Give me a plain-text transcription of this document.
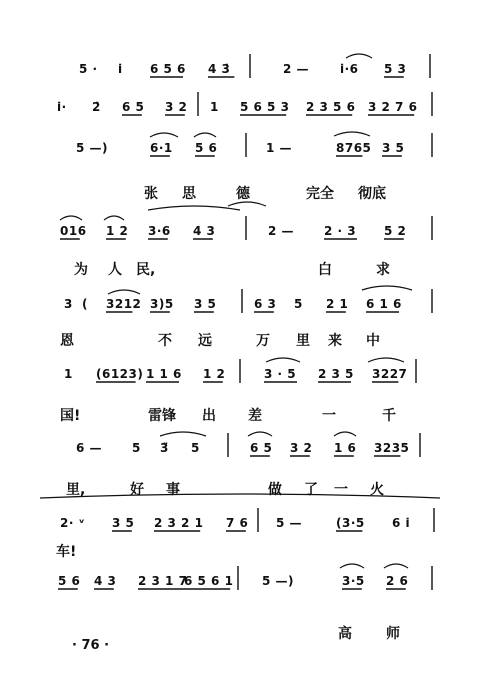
5 · i̇ 6 5 6 4 3̇	2 —	i̇·6 5 3
i̇· 2̇ 6 5 3 2 1 5 6 5 3 2 3 5 6 3 2 7 6
5 —)	6·1 5 6	1 —	8765 3 5
张 思	德	完全 彻底
016 1 2 3·6 4 3	2 — 2 · 3 5 2
为 人 民,	白	求
3 ( 3212 3)5 3 5	6 3 5 2 1 6 1 6
恩	不 远	万 里 来 中
1 (6123) 1 1 6 1 2	3 · 5 2 3 5 3227
国!	雷锋 出 差	一	千
6 — 5 3̈ 5	6 5 3 2 1 6 3235
里,	好 事	做 了 一 火
2· ᵛ 3 5 2 3 2 1 7 6 5 —	(3·5 6 i̇
车!
5 6 4 3 2 3 1 7
6 5 6 1 5 —)	3·5 2 6
高 师
· 76 ·
